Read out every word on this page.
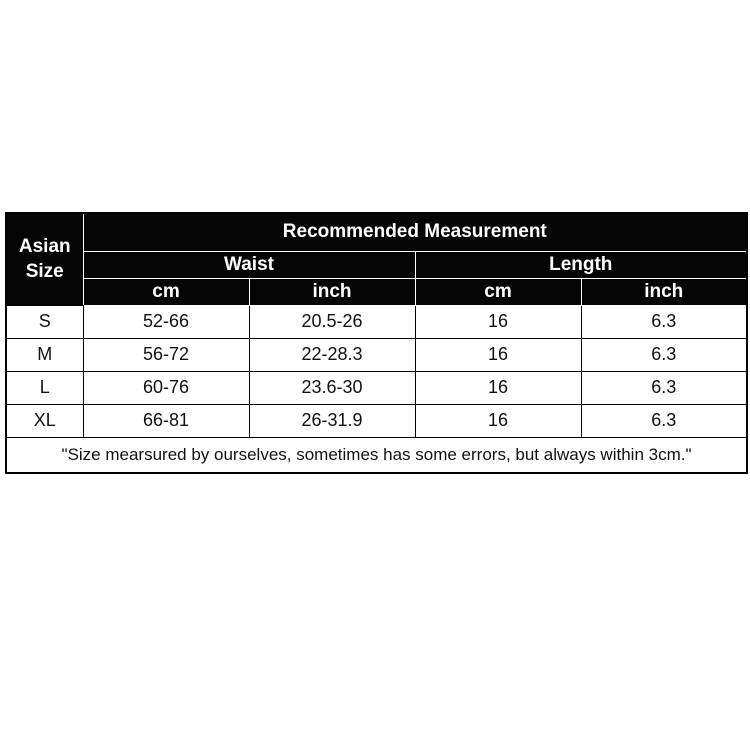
Asian
Size	Recommended Measurement			
	Waist		Length	
	cm	inch	cm	inch
S	52-66	20.5-26	16	6.3
M	56-72	22-28.3	16	6.3
L	60-76	23.6-30	16	6.3
XL	66-81	26-31.9	16	6.3
"Size mearsured by ourselves, sometimes has some errors, but always within 3cm."				
